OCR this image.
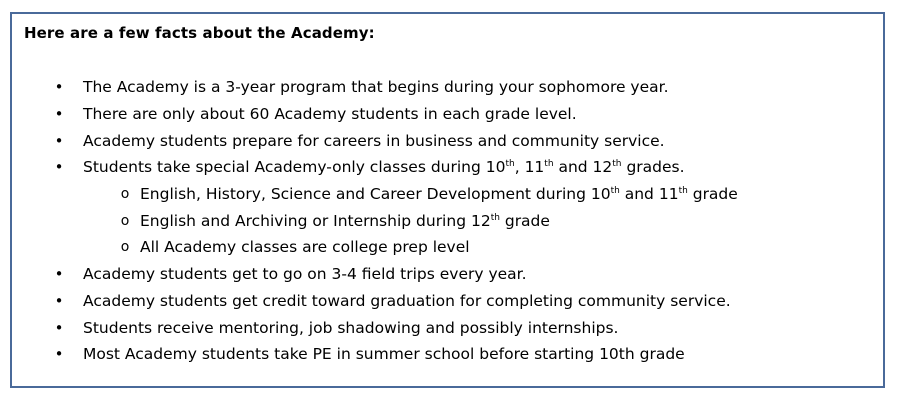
Here are a few facts about the Academy:
• The Academy is a 3-year program that begins during your sophomore year.
• There are only about 60 Academy students in each grade level.
• Academy students prepare for careers in business and community service.
• Students take special Academy-only classes during 10th, 11th and 12th grades.
o English, History, Science and Career Development during 10th and 11th grade
o English and Archiving or Internship during 12th grade
o All Academy classes are college prep level
• Academy students get to go on 3-4 field trips every year.
• Academy students get credit toward graduation for completing community service.
• Students receive mentoring, job shadowing and possibly internships.
• Most Academy students take PE in summer school before starting 10th grade
